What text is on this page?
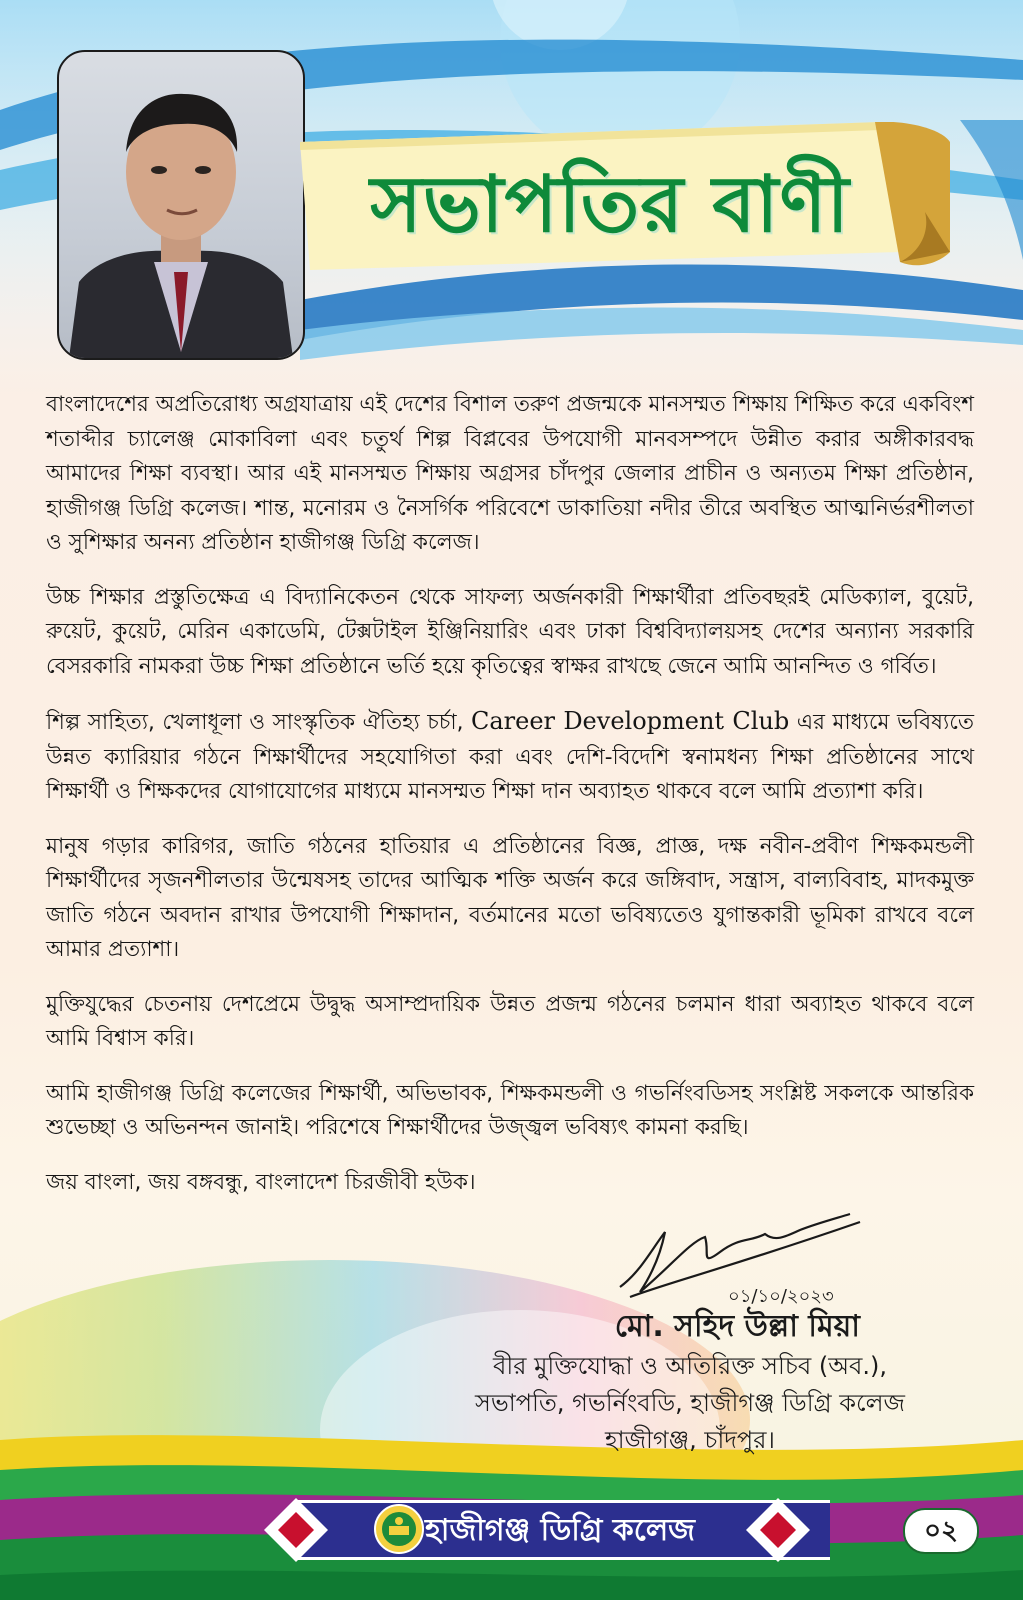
সভাপতির বাণী

বাংলাদেশের অপ্রতিরোধ্য অগ্রযাত্রায় এই দেশের বিশাল তরুণ প্রজন্মকে মানসম্মত শিক্ষায় শিক্ষিত করে একবিংশ শতাব্দীর চ্যালেঞ্জ মোকাবিলা এবং চতুর্থ শিল্প বিপ্লবের উপযোগী মানবসম্পদে উন্নীত করার অঙ্গীকারবদ্ধ আমাদের শিক্ষা ব্যবস্থা। আর এই মানসম্মত শিক্ষায় অগ্রসর চাঁদপুর জেলার প্রাচীন ও অন্যতম শিক্ষা প্রতিষ্ঠান, হাজীগঞ্জ ডিগ্রি কলেজ। শান্ত, মনোরম ও নৈসর্গিক পরিবেশে ডাকাতিয়া নদীর তীরে অবস্থিত আত্মনির্ভরশীলতা ও সুশিক্ষার অনন্য প্রতিষ্ঠান হাজীগঞ্জ ডিগ্রি কলেজ।

উচ্চ শিক্ষার প্রস্তুতিক্ষেত্র এ বিদ্যানিকেতন থেকে সাফল্য অর্জনকারী শিক্ষার্থীরা প্রতিবছরই মেডিক্যাল, বুয়েট, রুয়েট, কুয়েট, মেরিন একাডেমি, টেক্সটাইল ইঞ্জিনিয়ারিং এবং ঢাকা বিশ্ববিদ্যালয়সহ দেশের অন্যান্য সরকারি বেসরকারি নামকরা উচ্চ শিক্ষা প্রতিষ্ঠানে ভর্তি হয়ে কৃতিত্বের স্বাক্ষর রাখছে জেনে আমি আনন্দিত ও গর্বিত।

শিল্প সাহিত্য, খেলাধূলা ও সাংস্কৃতিক ঐতিহ্য চর্চা, Career Development Club এর মাধ্যমে ভবিষ্যতে উন্নত ক্যারিয়ার গঠনে শিক্ষার্থীদের সহযোগিতা করা এবং দেশি-বিদেশি স্বনামধন্য শিক্ষা প্রতিষ্ঠানের সাথে শিক্ষার্থী ও শিক্ষকদের যোগাযোগের মাধ্যমে মানসম্মত শিক্ষা দান অব্যাহত থাকবে বলে আমি প্রত্যাশা করি।

মানুষ গড়ার কারিগর, জাতি গঠনের হাতিয়ার এ প্রতিষ্ঠানের বিজ্ঞ, প্রাজ্ঞ, দক্ষ নবীন-প্রবীণ শিক্ষকমন্ডলী শিক্ষার্থীদের সৃজনশীলতার উন্মেষসহ তাদের আত্মিক শক্তি অর্জন করে জঙ্গিবাদ, সন্ত্রাস, বাল্যবিবাহ, মাদকমুক্ত জাতি গঠনে অবদান রাখার উপযোগী শিক্ষাদান, বর্তমানের মতো ভবিষ্যতেও যুগান্তকারী ভূমিকা রাখবে বলে আমার প্রত্যাশা।

মুক্তিযুদ্ধের চেতনায় দেশপ্রেমে উদ্বুদ্ধ অসাম্প্রদায়িক উন্নত প্রজন্ম গঠনের চলমান ধারা অব্যাহত থাকবে বলে আমি বিশ্বাস করি।

আমি হাজীগঞ্জ ডিগ্রি কলেজের শিক্ষার্থী, অভিভাবক, শিক্ষকমন্ডলী ও গভর্নিংবডিসহ সংশ্লিষ্ট সকলকে আন্তরিক শুভেচ্ছা ও অভিনন্দন জানাই। পরিশেষে শিক্ষার্থীদের উজ্জ্বল ভবিষ্যৎ কামনা করছি।

জয় বাংলা, জয় বঙ্গবন্ধু, বাংলাদেশ চিরজীবী হউক।

০১/১০/২০২৩
মো. সহিদ উল্লা মিয়া
বীর মুক্তিযোদ্ধা ও অতিরিক্ত সচিব (অব.),
সভাপতি, গভর্নিংবডি, হাজীগঞ্জ ডিগ্রি কলেজ
হাজীগঞ্জ, চাঁদপুর।
হাজীগঞ্জ ডিগ্রি কলেজ	০২
